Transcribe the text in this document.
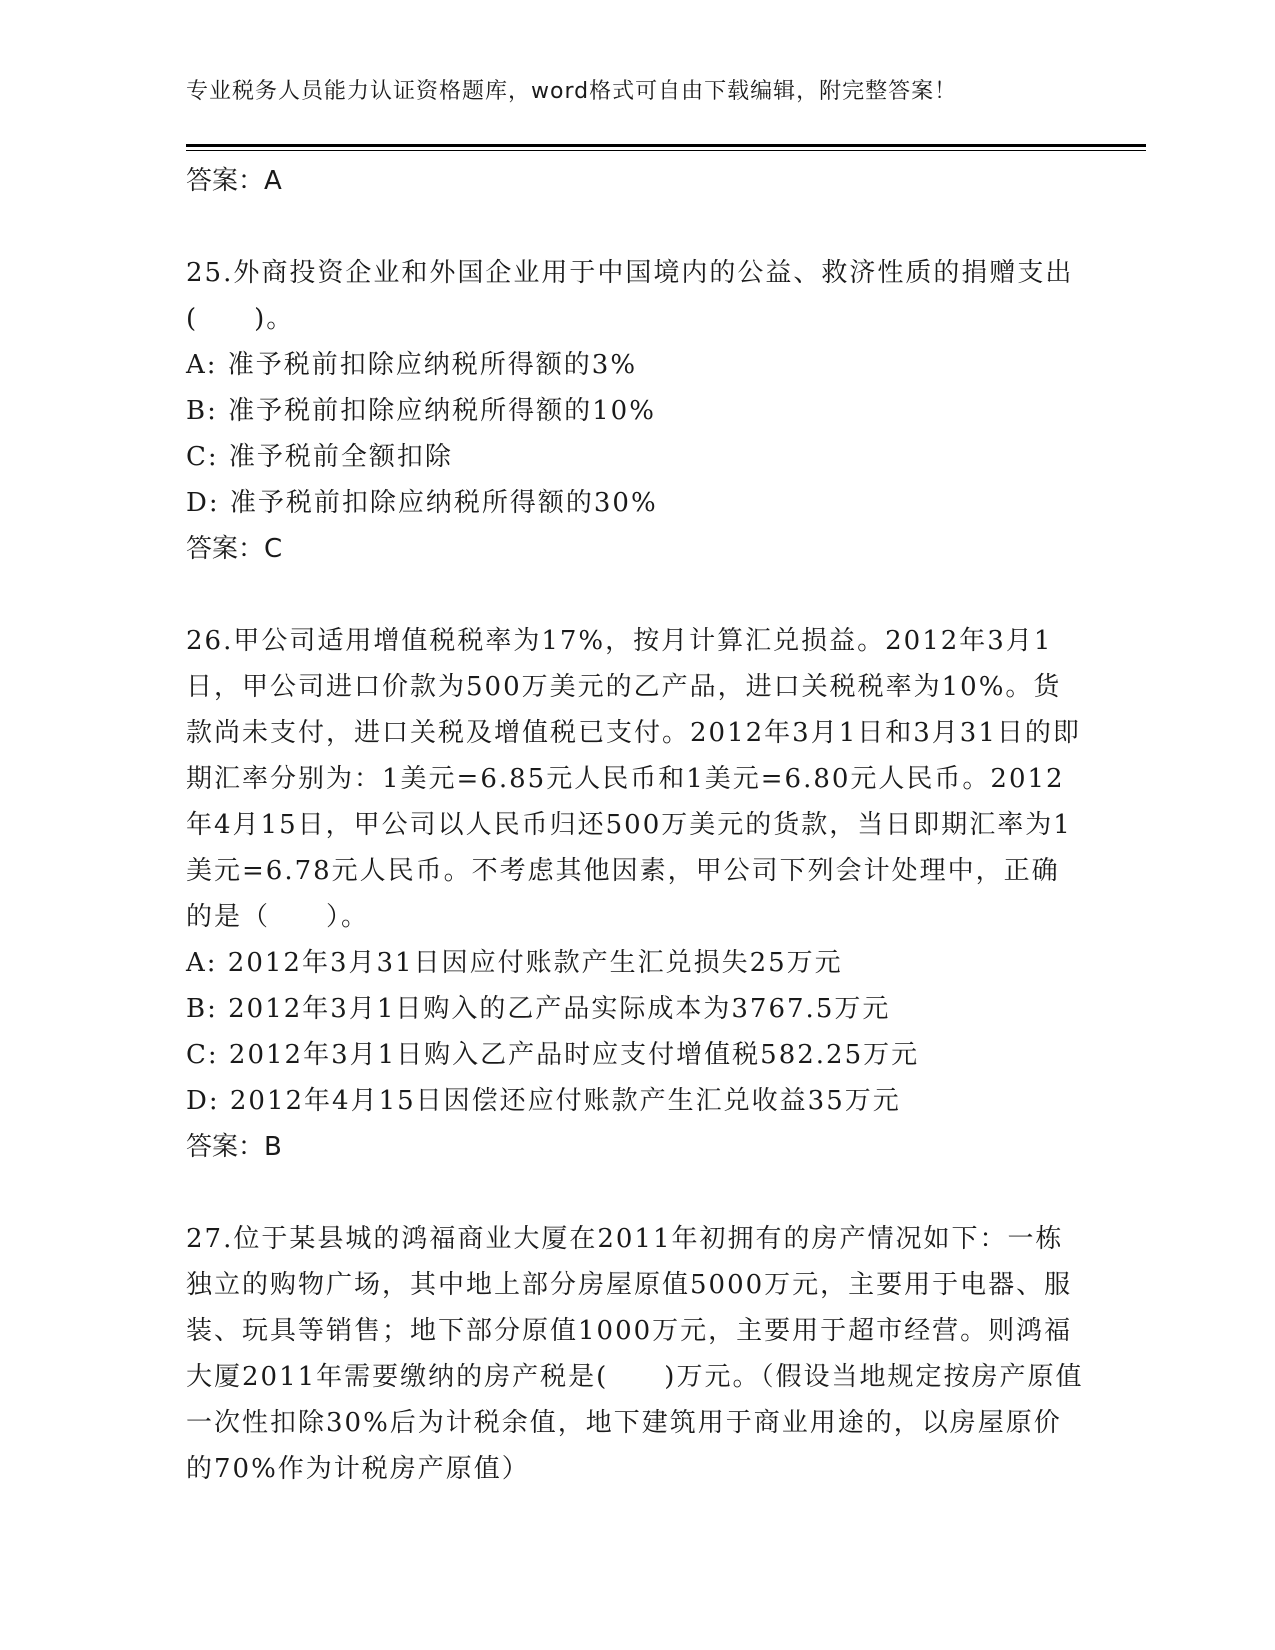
专业税务人员能力认证资格题库，word格式可自由下载编辑，附完整答案！

答案：A

25.外商投资企业和外国企业用于中国境内的公益、救济性质的捐赠支出(　　)。

A: 准予税前扣除应纳税所得额的3%

B: 准予税前扣除应纳税所得额的10%

C: 准予税前全额扣除

D: 准予税前扣除应纳税所得额的30%

答案：C

26.甲公司适用增值税税率为17%，按月计算汇兑损益。2012年3月1日，甲公司进口价款为500万美元的乙产品，进口关税税率为10%。货款尚未支付，进口关税及增值税已支付。2012年3月1日和3月31日的即期汇率分别为：1美元=6.85元人民币和1美元=6.80元人民币。2012年4月15日，甲公司以人民币归还500万美元的货款，当日即期汇率为1美元=6.78元人民币。不考虑其他因素，甲公司下列会计处理中，正确的是（　　）。

A: 2012年3月31日因应付账款产生汇兑损失25万元

B: 2012年3月1日购入的乙产品实际成本为3767.5万元

C: 2012年3月1日购入乙产品时应支付增值税582.25万元

D: 2012年4月15日因偿还应付账款产生汇兑收益35万元

答案：B

27.位于某县城的鸿福商业大厦在2011年初拥有的房产情况如下：一栋独立的购物广场，其中地上部分房屋原值5000万元，主要用于电器、服装、玩具等销售；地下部分原值1000万元，主要用于超市经营。则鸿福大厦2011年需要缴纳的房产税是(　　)万元。（假设当地规定按房产原值一次性扣除30%后为计税余值，地下建筑用于商业用途的，以房屋原价的70%作为计税房产原值）
